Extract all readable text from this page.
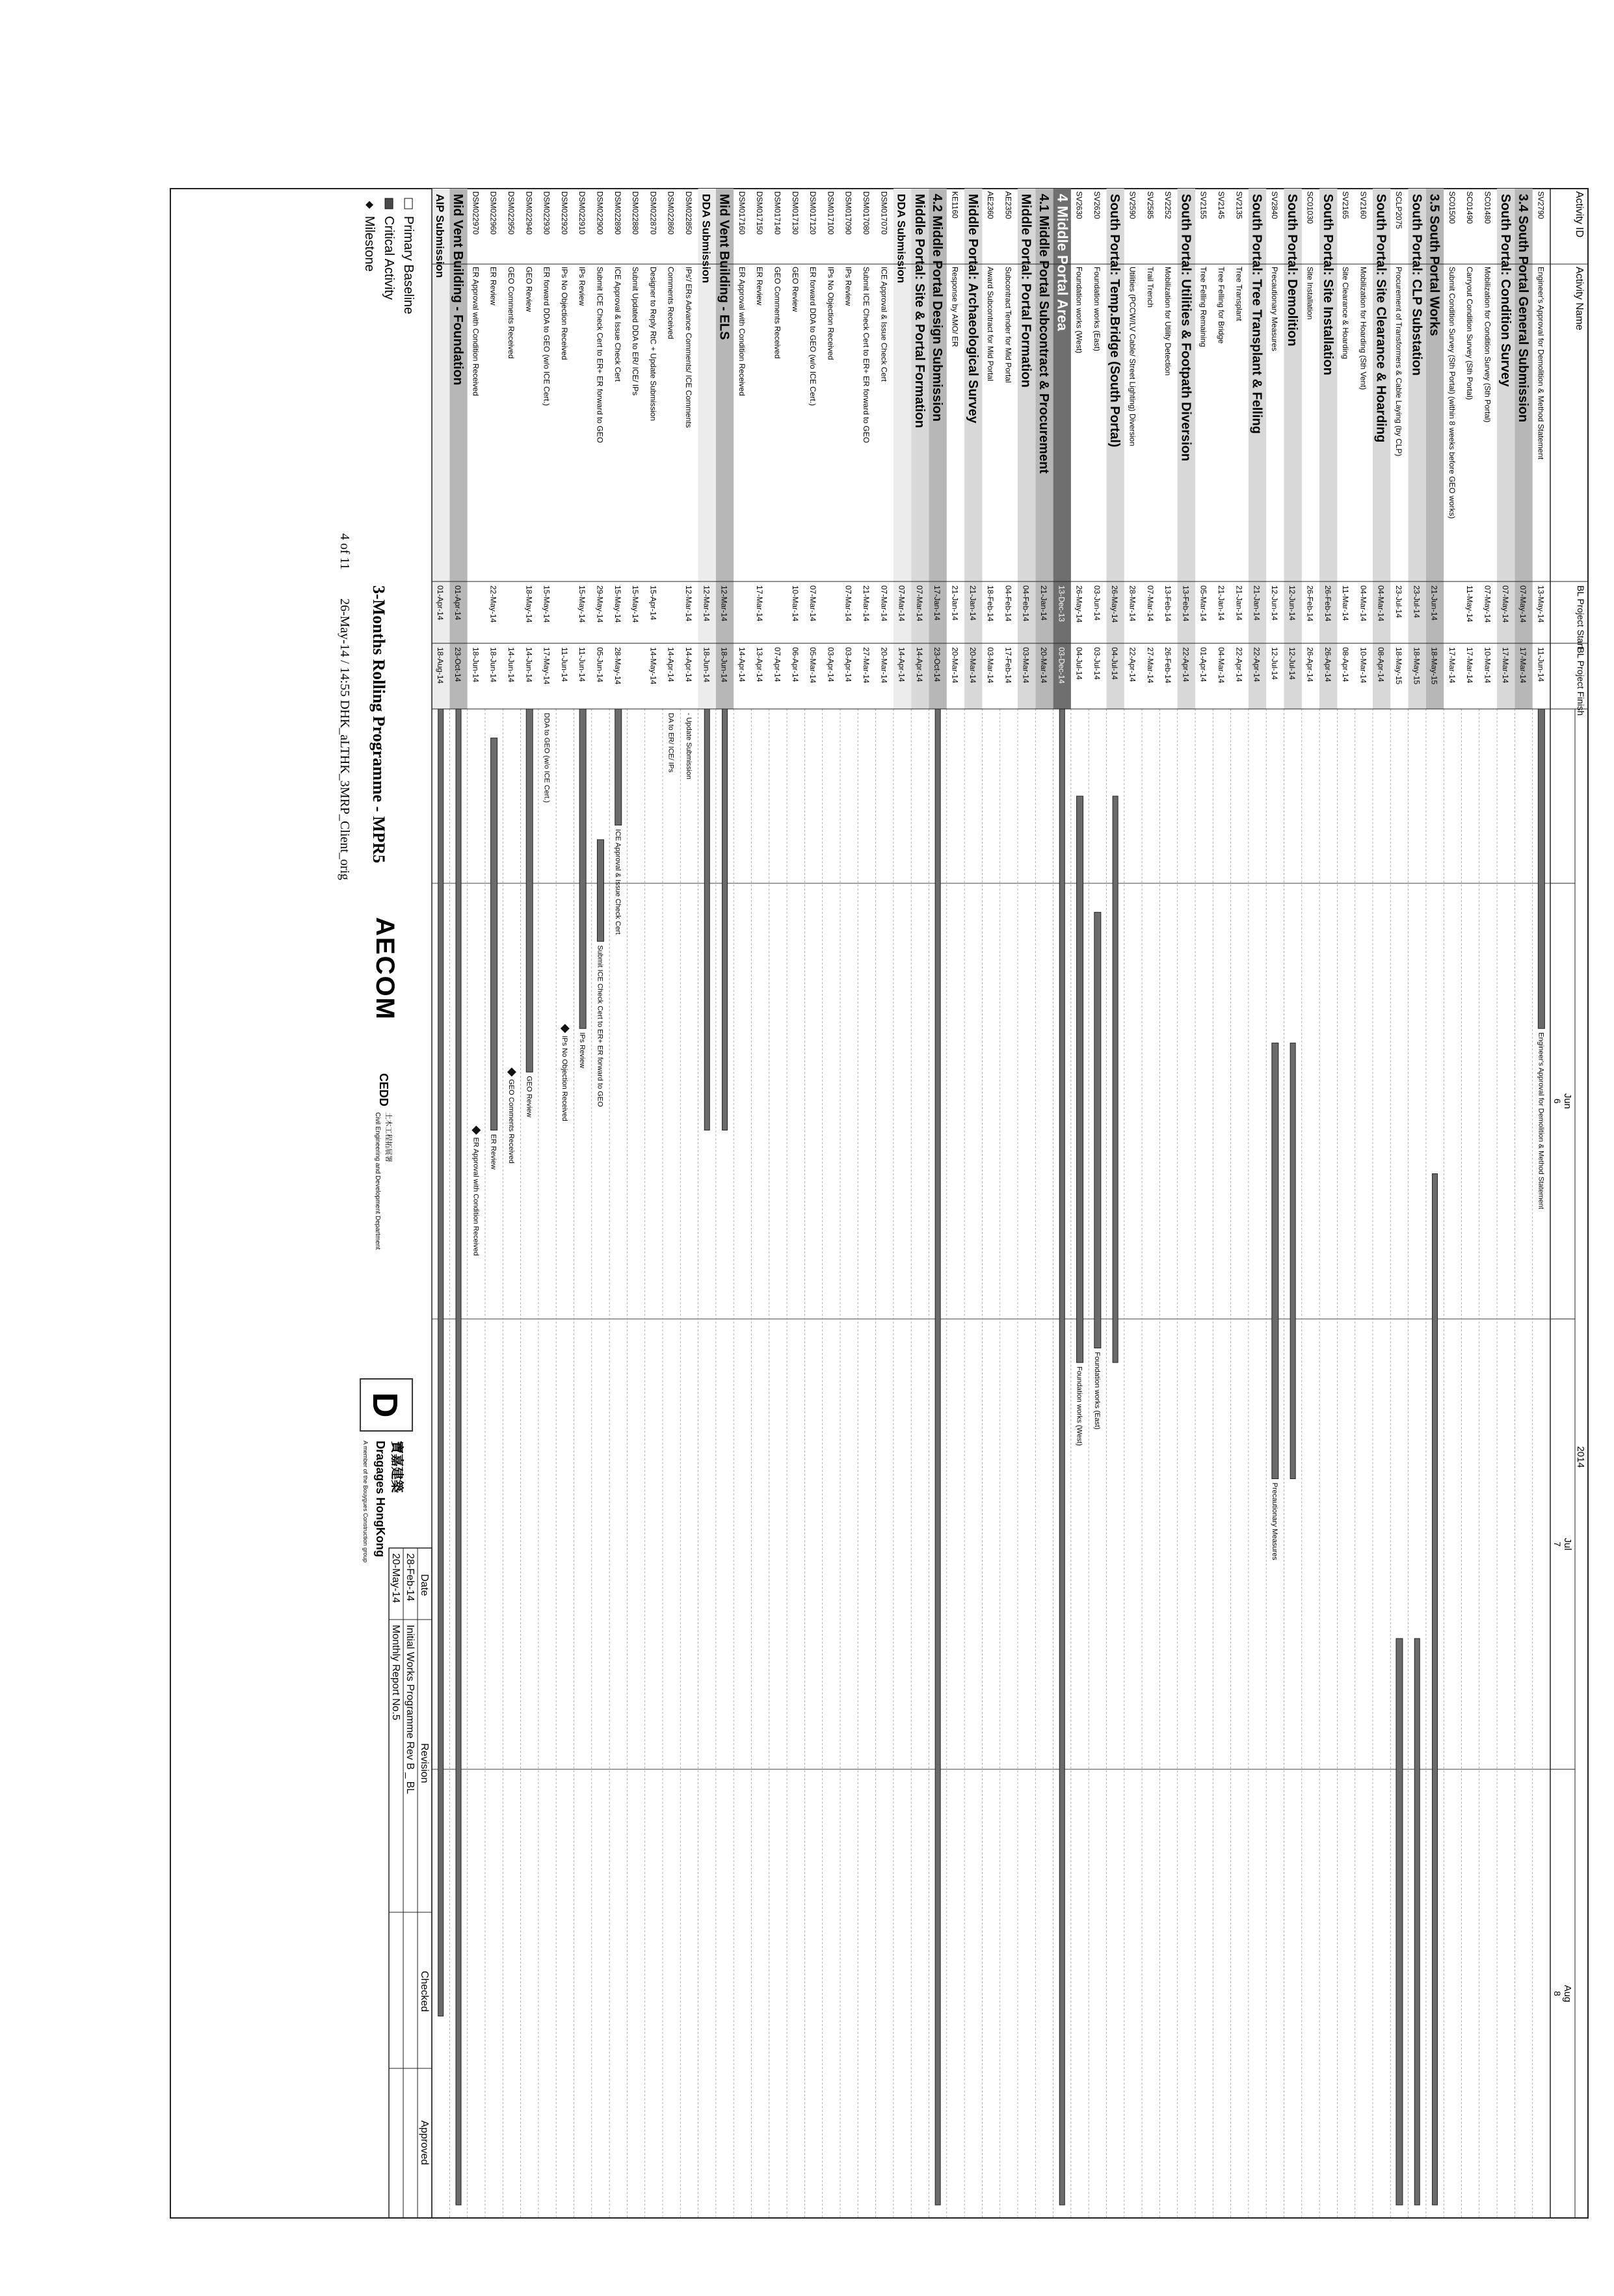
Activity ID
Activity Name
BL Project Start
BL Project Finish
2014
Jun
6
Jul
7
Aug
8
SV2790
Engineer's Approval for Demolition & Method Statement
13-May-14
11-Jun-14
Engineer's Approval for Demolition & Method Statement
3.4 South Portal General Submission
07-May-14
17-Mar-14
South Portal: Condition Survey
07-May-14
17-Mar-14
SC01480
Mobilization for Condition Survey (Sth Portal)
07-May-14
10-Mar-14
SC01490
Carryout Condition Survey (Sth Portal)
11-May-14
17-Mar-14
SC01500
Submit Condition Survey (Sth Portal) (within 8 weeks before GEO works)
17-Mar-14
3.5 South Portal Works
21-Jun-14
18-May-15
South Portal: CLP Substation
23-Jul-14
18-May-15
SCLP2075
Procurement of Transformers & Cable Laying (by CLP)
23-Jul-14
18-May-15
South Portal: Site Clearance & Hoarding
04-Mar-14
08-Apr-14
SV2160
Mobilization for Hoarding (Sth Vent)
04-Mar-14
10-Mar-14
SV2165
Site Clearance & Hoarding
11-Mar-14
08-Apr-14
South Portal: Site Installation
26-Feb-14
26-Apr-14
SC01030
Site Installation
26-Feb-14
26-Apr-14
South Portal: Demolition
12-Jun-14
12-Jul-14
SV2840
Precautionary Measures
12-Jun-14
12-Jul-14
Precautionary Measures
South Portal: Tree Transplant & Felling
21-Jan-14
22-Apr-14
SV2135
Tree Transplant
21-Jan-14
22-Apr-14
SV2145
Tree Felling for Bridge
21-Jan-14
04-Mar-14
SV2155
Tree Felling Remaining
05-Mar-14
01-Apr-14
South Portal: Utilities & Footpath Diversion
13-Feb-14
22-Apr-14
SV2252
Mobilization for Utility Detection
13-Feb-14
26-Feb-14
SV2585
Trail Trench
07-Mar-14
27-Mar-14
SV2590
Utilities (PCCW/LV Cable/ Street Lighting) Diversion
28-Mar-14
22-Apr-14
South Portal: Temp.Bridge (South Portal)
26-May-14
04-Jul-14
SV2620
Foundation works (East)
03-Jun-14
03-Jul-14
Foundation works (East)
SV2630
Foundation works (West)
26-May-14
04-Jul-14
Foundation works (West)
4 Middle Portal Area
13-Dec-13
03-Dec-14
4.1 Middle Portal Subcontract & Procurement
21-Jan-14
20-Mar-14
Middle Portal: Portal Formation
04-Feb-14
03-Mar-14
AE2350
Subcontract Tender for Mid Portal
04-Feb-14
17-Feb-14
AE2360
Award Subcontract for Mid Portal
18-Feb-14
03-Mar-14
Middle Portal: Archaeological Survey
21-Jan-14
20-Mar-14
KE1160
Response by AMO/ ER
21-Jan-14
20-Mar-14
4.2 Middle Portal Design Submission
17-Jan-14
23-Oct-14
Middle Portal: Site & Portal Formation
07-Mar-14
14-Apr-14
DDA Submission
07-Mar-14
14-Apr-14
DSM017070
ICE Approval & Issue Check Cert
07-Mar-14
20-Mar-14
DSM017080
Submit ICE Check Cert to ER+ ER forward to GEO
21-Mar-14
27-Mar-14
DSM017090
IPs Review
07-Mar-14
03-Apr-14
DSM017100
IPs No Objection Received
03-Apr-14
DSM017120
ER forward DDA to GEO (w/o ICE Cert.)
07-Mar-14
05-Mar-14
DSM017130
GEO Review
10-Mar-14
06-Apr-14
DSM017140
GEO Comments Received
07-Apr-14
DSM017150
ER Review
17-Mar-14
13-Apr-14
DSM017160
ER Approval with Condition Received
14-Apr-14
Mid Vent Building - ELS
12-Mar-14
18-Jun-14
DDA Submission
12-Mar-14
18-Jun-14
DSM022850
IPs'/ ERs Advance Comments/ ICE Comments
12-Mar-14
14-Apr-14
- Update Submission
DSM022860
Comments Received
14-Apr-14
DA to ER/ ICE/ IPs
DSM022870
Designer to Reply RtC + Update Submission
15-Apr-14
14-May-14
DSM022880
Submit Updated DDA to ER/ ICE/ IPs
15-May-14
DSM022890
ICE Approval & Issue Check Cert
15-May-14
28-May-14
ICE Approval & Issue Check Cert
DSM022900
Submit ICE Check Cert to ER+ ER forward to GEO
29-May-14
05-Jun-14
Submit ICE Check Cert to ER+ ER forward to GEO
DSM022910
IPs Review
15-May-14
11-Jun-14
IPs Review
DSM022920
IPs No Objection Received
11-Jun-14
IPs No Objection Received
DSM022930
ER forward DDA to GEO (w/o ICE Cert.)
15-May-14
17-May-14
DDA to GEO (w/o ICE Cert.)
DSM022940
GEO Review
18-May-14
14-Jun-14
GEO Review
DSM022950
GEO Comments Received
14-Jun-14
GEO Comments Received
DSM022960
ER Review
22-May-14
18-Jun-14
ER Review
DSM022970
ER Approval with Condition Received
18-Jun-14
ER Approval with Condition Received
Mid Vent Building - Foundation
01-Apr-14
23-Oct-14
AIP Submission
01-Apr-14
18-Aug-14
Primary Baseline
Critical Activity
Milestone
3-Months Rolling Programme - MPR5
4 of 11
26-May-14 / 14:55 DHK_aLTHK_3MRP_Client_orig
AECOM
CEDD
土木工程拓展署
Civil Engineering and Development Department
D
寶嘉建築
Dragages HongKong
A member of the Bouygues Construction group
Date
Revision
Checked
Approved
28-Feb-14
Initial Works Programme Rev B _ BL
20-May-14
Monthly Report No.5
